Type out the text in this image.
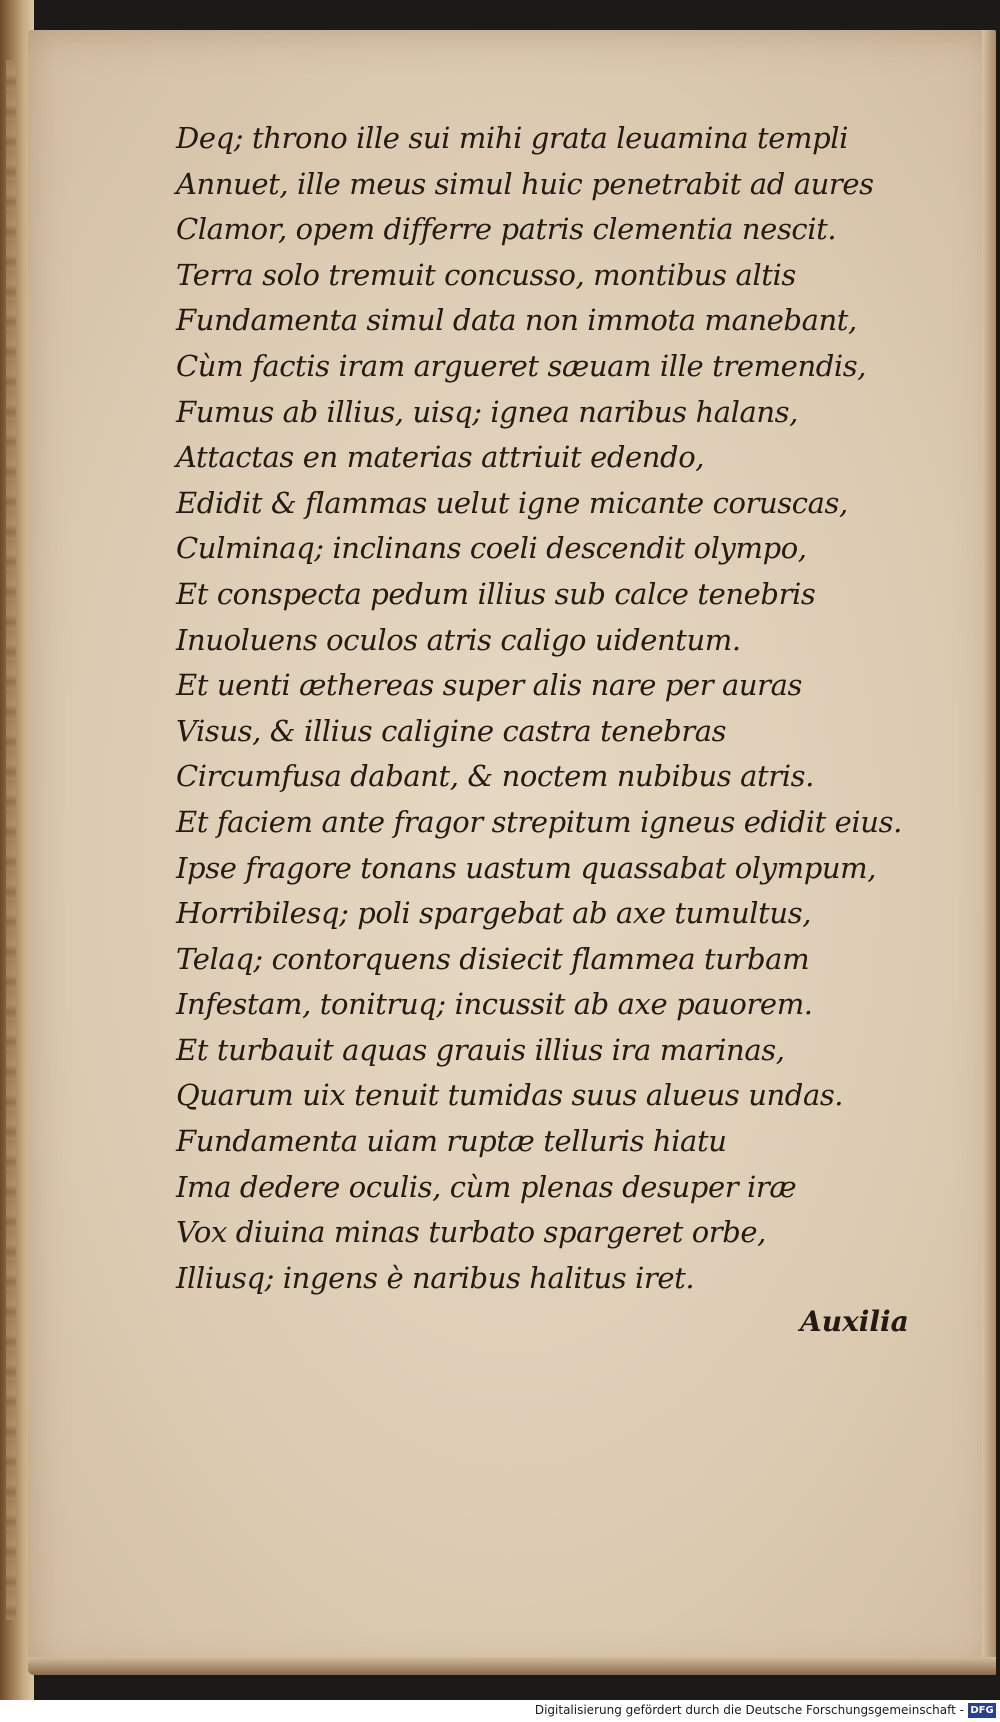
Deq; throno ille sui mihi grata leuamina templi
Annuet, ille meus simul huic penetrabit ad aures
Clamor, opem differre patris clementia nescit.
Terra solo tremuit concusso, montibus altis
Fundamenta simul data non immota manebant,
Cùm factis iram argueret sæuam ille tremendis,
Fumus ab illius, uisq; ignea naribus halans,
Attactas en materias attriuit edendo,
Edidit & flammas uelut igne micante coruscas,
Culminaq; inclinans coeli descendit olympo,
Et conspecta pedum illius sub calce tenebris
Inuoluens oculos atris caligo uidentum.
Et uenti æthereas super alis nare per auras
Visus, & illius caligine castra tenebras
Circumfusa dabant, & noctem nubibus atris.
Et faciem ante fragor strepitum igneus edidit eius.
Ipse fragore tonans uastum quassabat olympum,
Horribilesq; poli spargebat ab axe tumultus,
Telaq; contorquens disiecit flammea turbam
Infestam, tonitruq; incussit ab axe pauorem.
Et turbauit aquas grauis illius ira marinas,
Quarum uix tenuit tumidas suus alueus undas.
Fundamenta uiam ruptæ telluris hiatu
Ima dedere oculis, cùm plenas desuper iræ
Vox diuina minas turbato spargeret orbe,
Illiusq; ingens è naribus halitus iret.
Auxilia
Digitalisierung gefördert durch die Deutsche Forschungsgemeinschaft - DFG
